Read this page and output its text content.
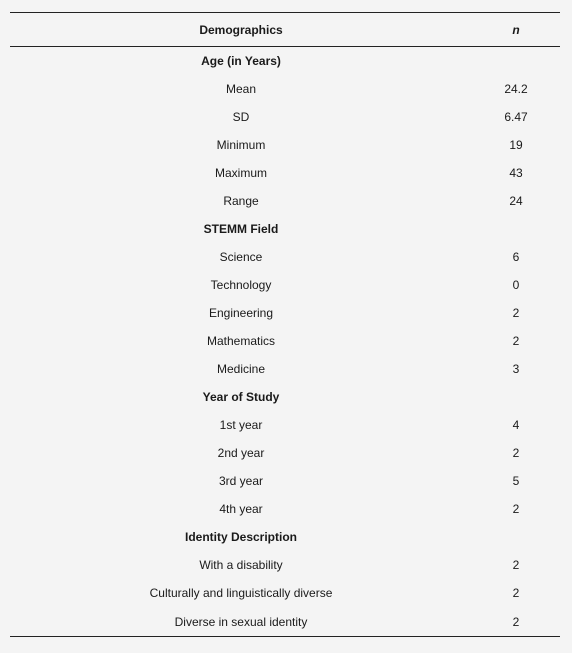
Demographics	n
Age (in Years)	
Mean	24.2
SD	6.47
Minimum	19
Maximum	43
Range	24
STEMM Field	
Science	6
Technology	0
Engineering	2
Mathematics	2
Medicine	3
Year of Study	
1st year	4
2nd year	2
3rd year	5
4th year	2
Identity Description	
With a disability	2
Culturally and linguistically diverse	2
Diverse in sexual identity	2
